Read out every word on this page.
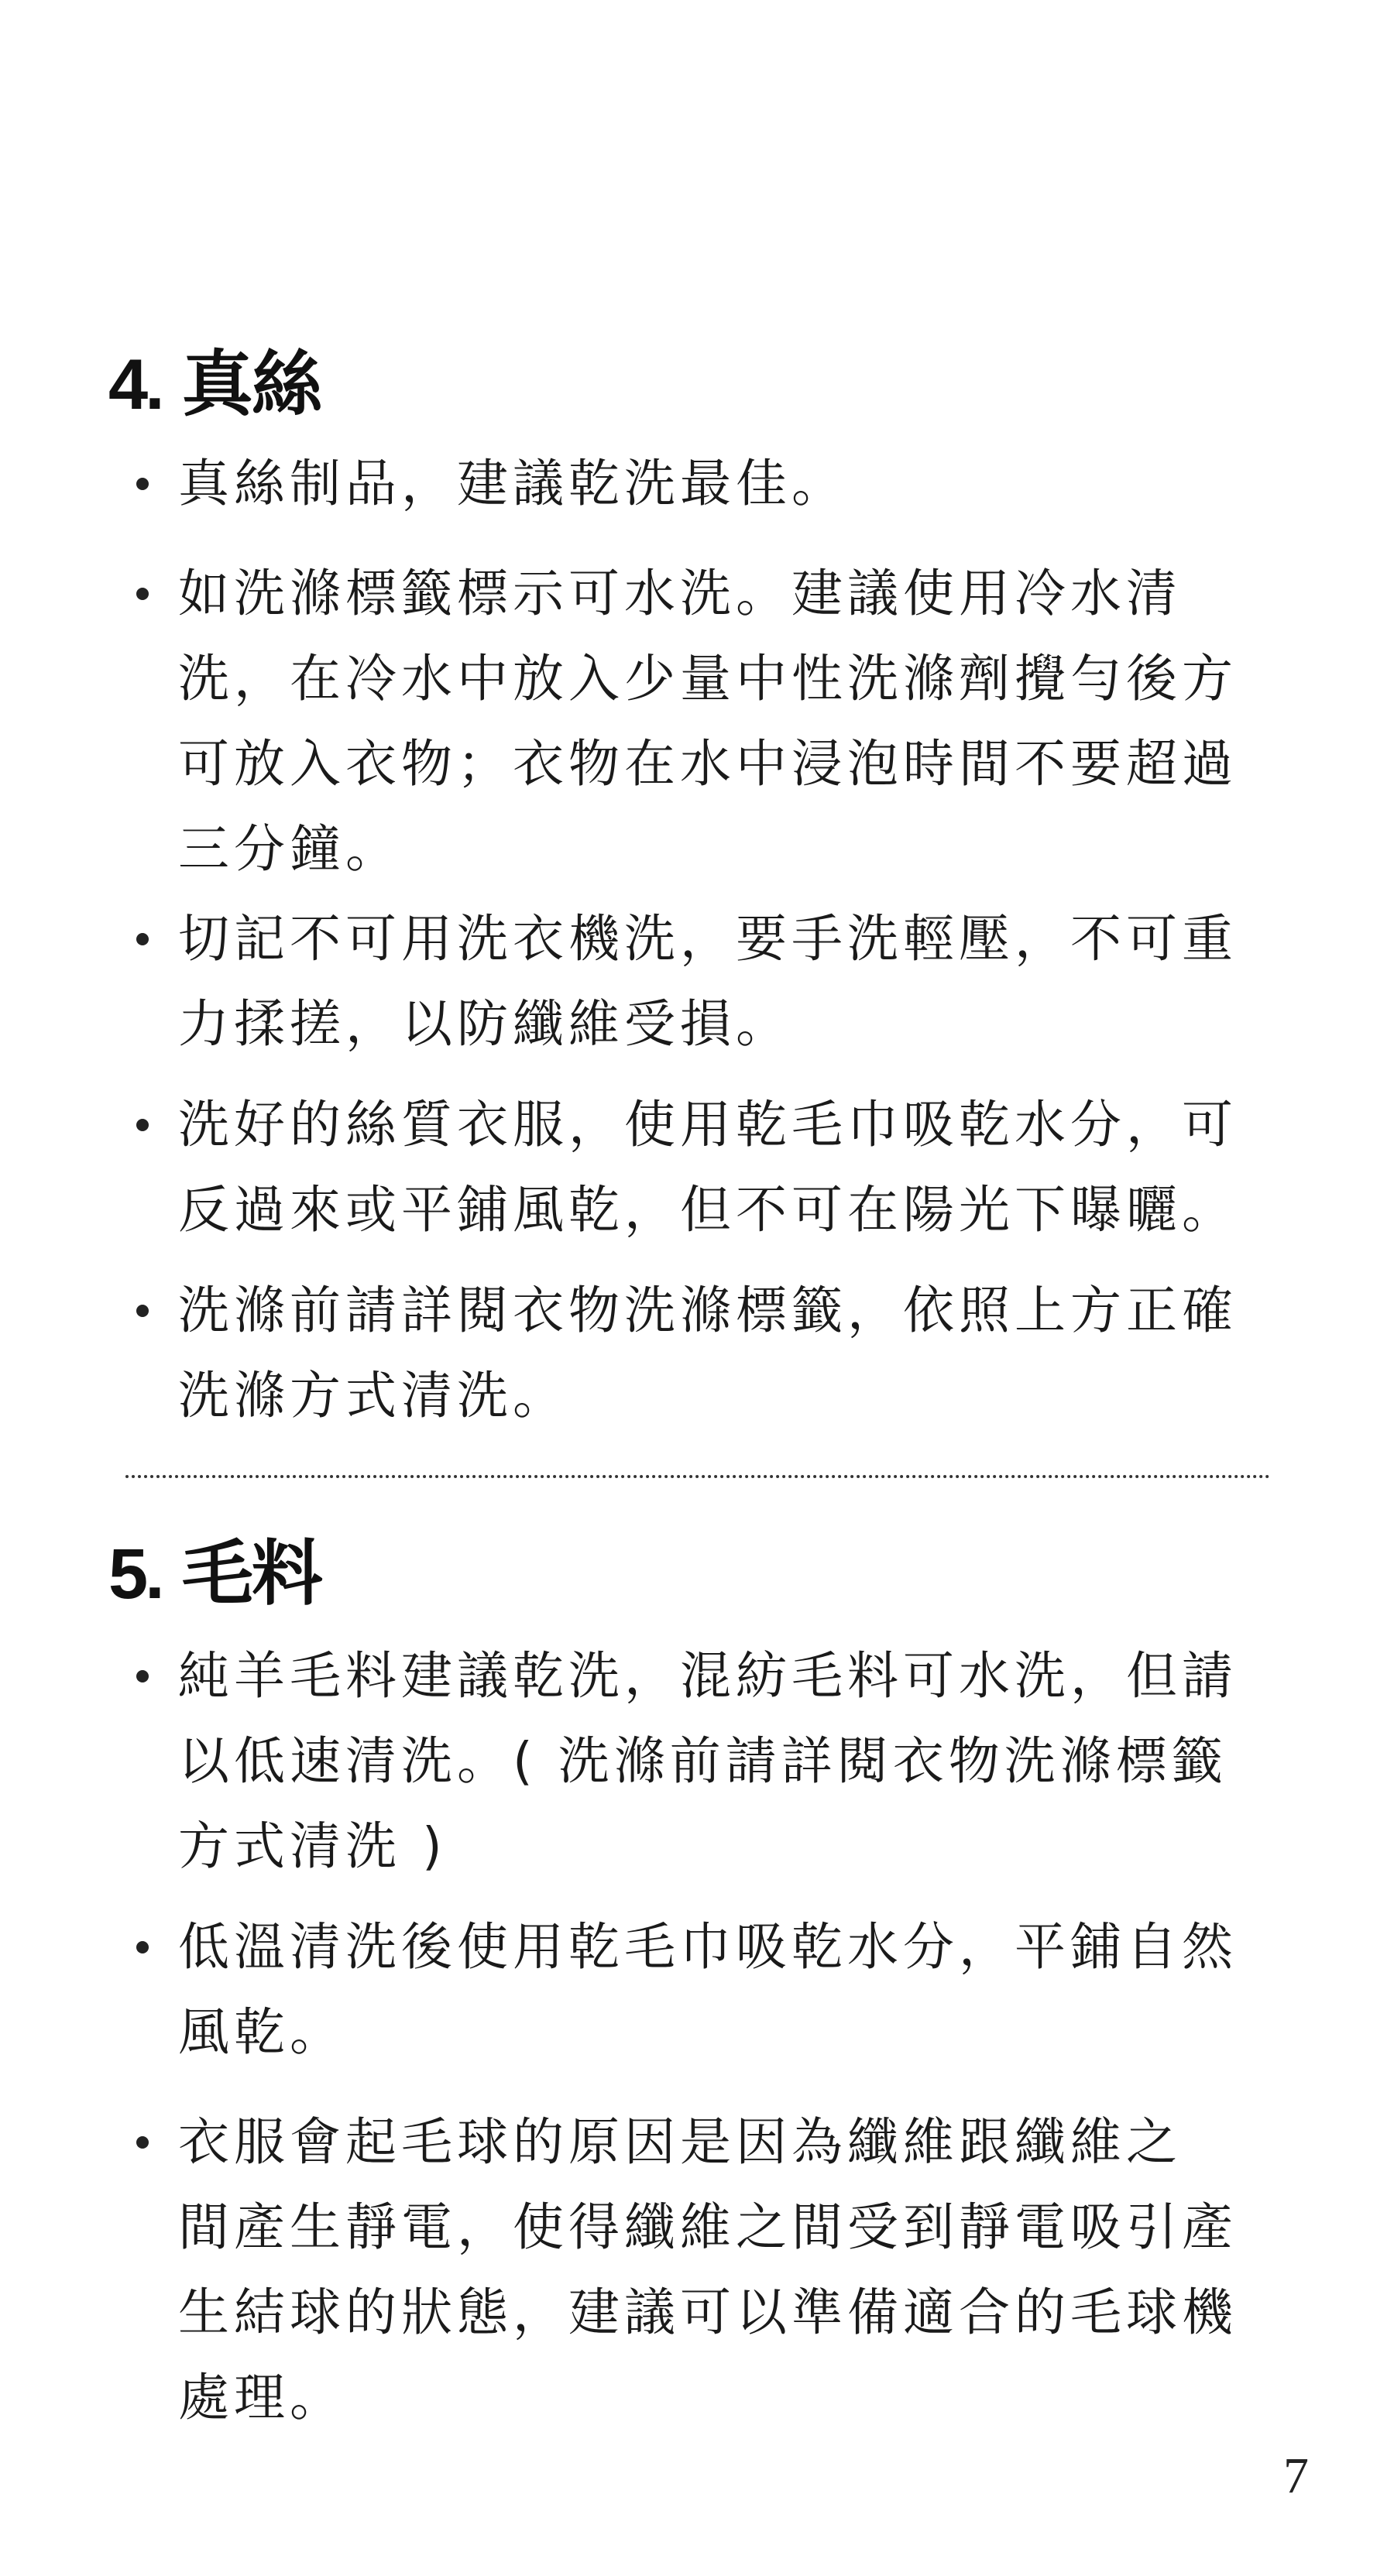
4. 真絲

真絲制品，建議乾洗最佳。

如洗滌標籤標示可水洗。建議使用冷水清
洗，在冷水中放入少量中性洗滌劑攪勻後方
可放入衣物；衣物在水中浸泡時間不要超過
三分鐘。

切記不可用洗衣機洗，要手洗輕壓，不可重
力揉搓，以防纖維受損。

洗好的絲質衣服，使用乾毛巾吸乾水分，可
反過來或平鋪風乾，但不可在陽光下曝曬。

洗滌前請詳閱衣物洗滌標籤，依照上方正確
洗滌方式清洗。

5. 毛料

純羊毛料建議乾洗，混紡毛料可水洗，但請
以低速清洗。( 洗滌前請詳閱衣物洗滌標籤
方式清洗 )

低溫清洗後使用乾毛巾吸乾水分，平鋪自然
風乾。

衣服會起毛球的原因是因為纖維跟纖維之
間產生靜電，使得纖維之間受到靜電吸引產
生結球的狀態，建議可以準備適合的毛球機
處理。

7
